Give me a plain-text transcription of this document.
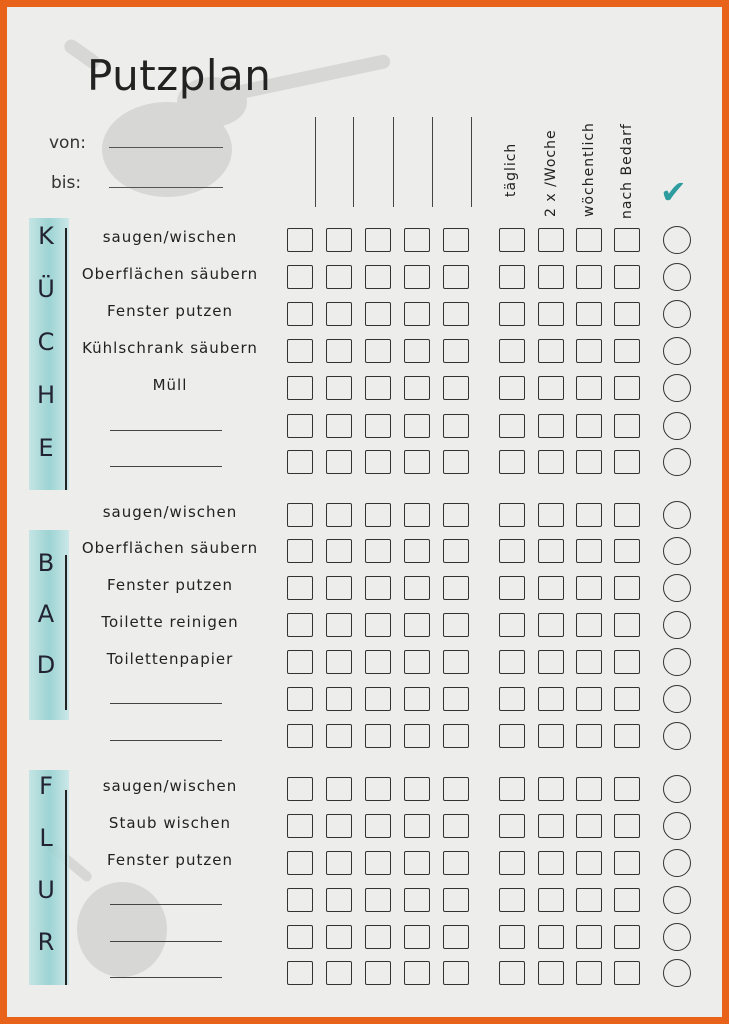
Putzplan
von:
bis:	täglich 2 x /Woche wöchentlich nach Bedarf ✔
K
Ü
C
H
E
saugen/wischen
Oberflächen säubern
Fenster putzen
Kühlschrank säubern
Müll
B
A
D
saugen/wischen
Oberflächen säubern
Fenster putzen
Toilette reinigen
Toilettenpapier
F
L
U
R
saugen/wischen
Staub wischen
Fenster putzen
